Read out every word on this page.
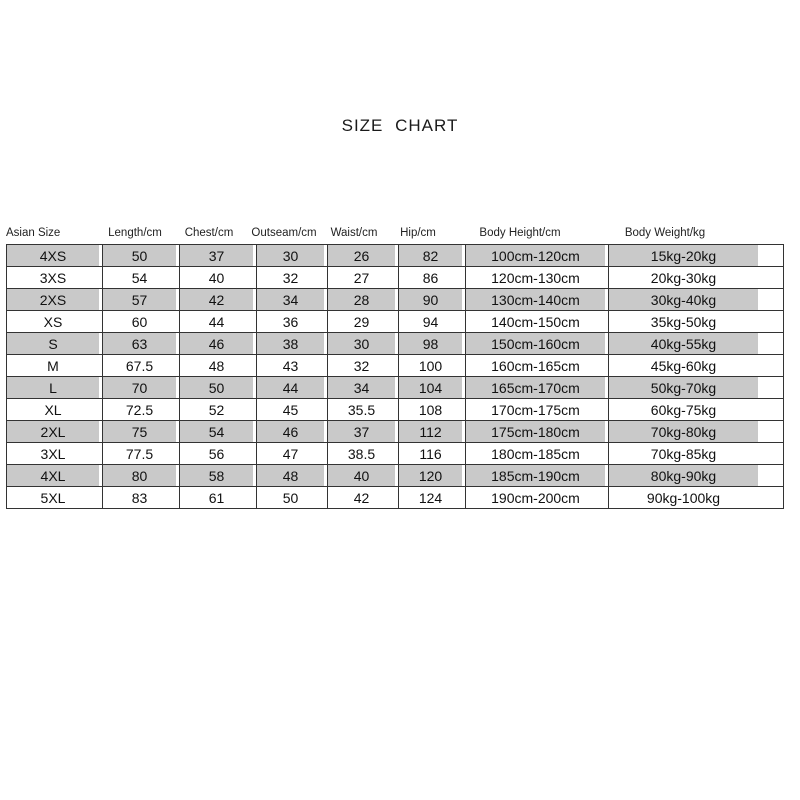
SIZE CHART
Asian Size	Length/cm	Chest/cm	Outseam/cm	Waist/cm	Hip/cm	Body Height/cm	Body Weight/kg
4XS	50	37	30	26	82	100cm-120cm	15kg-20kg
3XS	54	40	32	27	86	120cm-130cm	20kg-30kg
2XS	57	42	34	28	90	130cm-140cm	30kg-40kg
XS	60	44	36	29	94	140cm-150cm	35kg-50kg
S	63	46	38	30	98	150cm-160cm	40kg-55kg
M	67.5	48	43	32	100	160cm-165cm	45kg-60kg
L	70	50	44	34	104	165cm-170cm	50kg-70kg
XL	72.5	52	45	35.5	108	170cm-175cm	60kg-75kg
2XL	75	54	46	37	112	175cm-180cm	70kg-80kg
3XL	77.5	56	47	38.5	116	180cm-185cm	70kg-85kg
4XL	80	58	48	40	120	185cm-190cm	80kg-90kg
5XL	83	61	50	42	124	190cm-200cm	90kg-100kg
